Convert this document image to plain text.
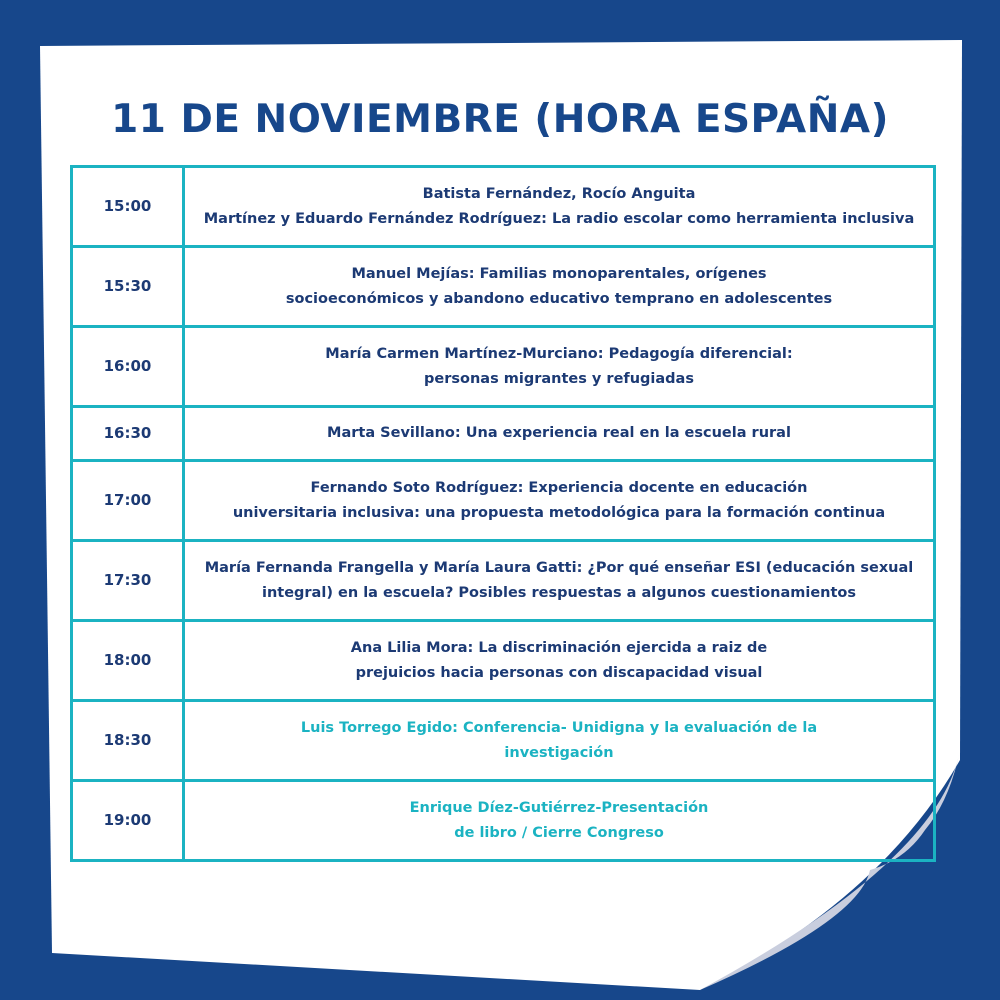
11 DE NOVIEMBRE (HORA ESPAÑA)
15:00	Batista Fernández, Rocío Anguita
Martínez y Eduardo Fernández Rodríguez: La radio escolar como herramienta inclusiva

15:30	Manuel Mejías: Familias monoparentales, orígenes
socioeconómicos y abandono educativo temprano en adolescentes

16:00	María Carmen Martínez-Murciano: Pedagogía diferencial:
personas migrantes y refugiadas

16:30	Marta Sevillano: Una experiencia real en la escuela rural

17:00	Fernando Soto Rodríguez: Experiencia docente en educación
universitaria inclusiva: una propuesta metodológica para la formación continua

17:30	María Fernanda Frangella y María Laura Gatti: ¿Por qué enseñar ESI (educación sexual
integral) en la escuela? Posibles respuestas a algunos cuestionamientos

18:00	Ana Lilia Mora: La discriminación ejercida a raiz de
prejuicios hacia personas con discapacidad visual

18:30	Luis Torrego Egido: Conferencia- Unidigna y la evaluación de la
investigación

19:00	Enrique Díez-Gutiérrez-Presentación
de libro / Cierre Congreso
